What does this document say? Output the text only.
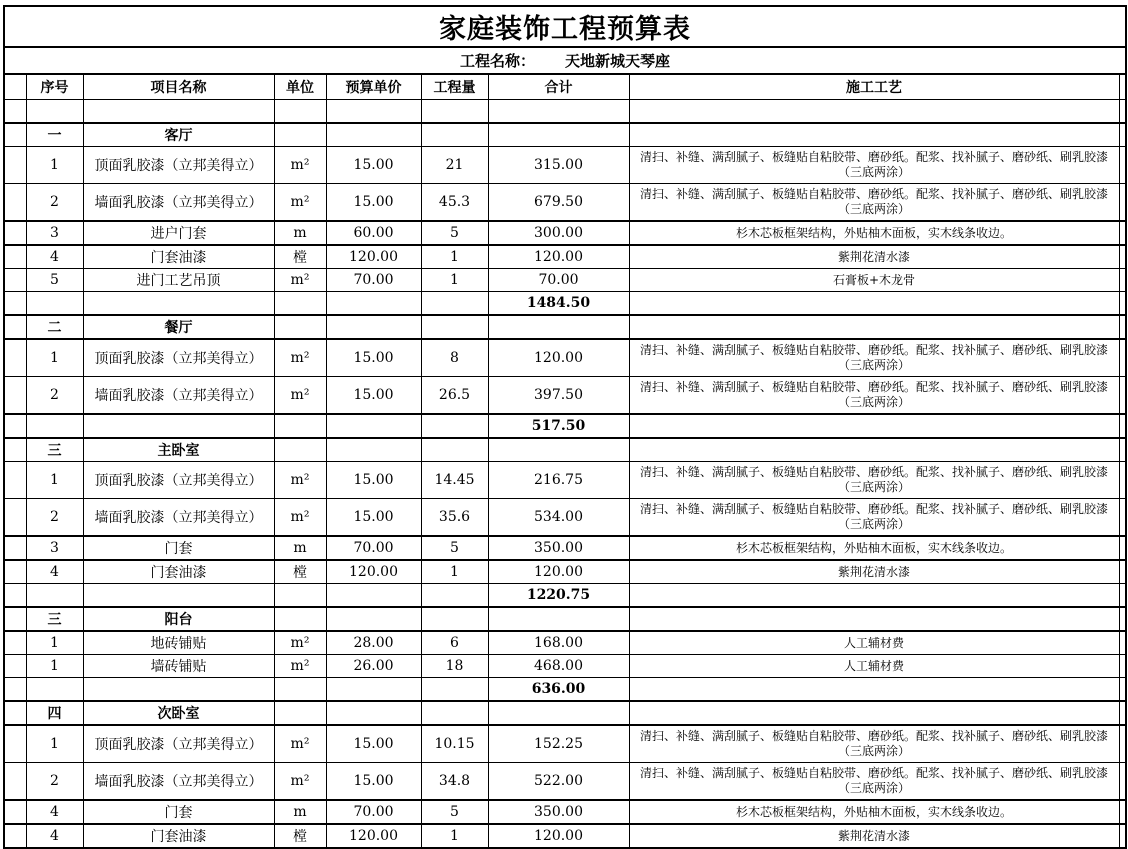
家庭装饰工程预算表								
工程名称： 天地新城天琴座								
	序号	项目名称	单位	预算单价	工程量	合计	施工工艺	

	一	客厅						
	1	顶面乳胶漆（立邦美得立）	m²	15.00	21	315.00	清扫、补缝、满刮腻子、板缝贴自粘胶带、磨砂纸。配浆、找补腻子、磨砂纸、刷乳胶漆（三底两涂）	
	2	墙面乳胶漆（立邦美得立）	m²	15.00	45.3	679.50	清扫、补缝、满刮腻子、板缝贴自粘胶带、磨砂纸。配浆、找补腻子、磨砂纸、刷乳胶漆（三底两涂）	
	3	进户门套	m	60.00	5	300.00	杉木芯板框架结构，外贴柚木面板，实木线条收边。	
	4	门套油漆	樘	120.00	1	120.00	紫荆花清水漆	
	5	进门工艺吊顶	m²	70.00	1	70.00	石膏板+木龙骨	
						1484.50		
	二	餐厅						
	1	顶面乳胶漆（立邦美得立）	m²	15.00	8	120.00	清扫、补缝、满刮腻子、板缝贴自粘胶带、磨砂纸。配浆、找补腻子、磨砂纸、刷乳胶漆（三底两涂）	
	2	墙面乳胶漆（立邦美得立）	m²	15.00	26.5	397.50	清扫、补缝、满刮腻子、板缝贴自粘胶带、磨砂纸。配浆、找补腻子、磨砂纸、刷乳胶漆（三底两涂）	
						517.50		
	三	主卧室						
	1	顶面乳胶漆（立邦美得立）	m²	15.00	14.45	216.75	清扫、补缝、满刮腻子、板缝贴自粘胶带、磨砂纸。配浆、找补腻子、磨砂纸、刷乳胶漆（三底两涂）	
	2	墙面乳胶漆（立邦美得立）	m²	15.00	35.6	534.00	清扫、补缝、满刮腻子、板缝贴自粘胶带、磨砂纸。配浆、找补腻子、磨砂纸、刷乳胶漆（三底两涂）	
	3	门套	m	70.00	5	350.00	杉木芯板框架结构，外贴柚木面板，实木线条收边。	
	4	门套油漆	樘	120.00	1	120.00	紫荆花清水漆	
						1220.75		
	三	阳台						
	1	地砖铺贴	m²	28.00	6	168.00	人工辅材费	
	1	墙砖铺贴	m²	26.00	18	468.00	人工辅材费	
						636.00		
	四	次卧室						
	1	顶面乳胶漆（立邦美得立）	m²	15.00	10.15	152.25	清扫、补缝、满刮腻子、板缝贴自粘胶带、磨砂纸。配浆、找补腻子、磨砂纸、刷乳胶漆（三底两涂）	
	2	墙面乳胶漆（立邦美得立）	m²	15.00	34.8	522.00	清扫、补缝、满刮腻子、板缝贴自粘胶带、磨砂纸。配浆、找补腻子、磨砂纸、刷乳胶漆（三底两涂）	
	4	门套	m	70.00	5	350.00	杉木芯板框架结构，外贴柚木面板，实木线条收边。	
	4	门套油漆	樘	120.00	1	120.00	紫荆花清水漆	
